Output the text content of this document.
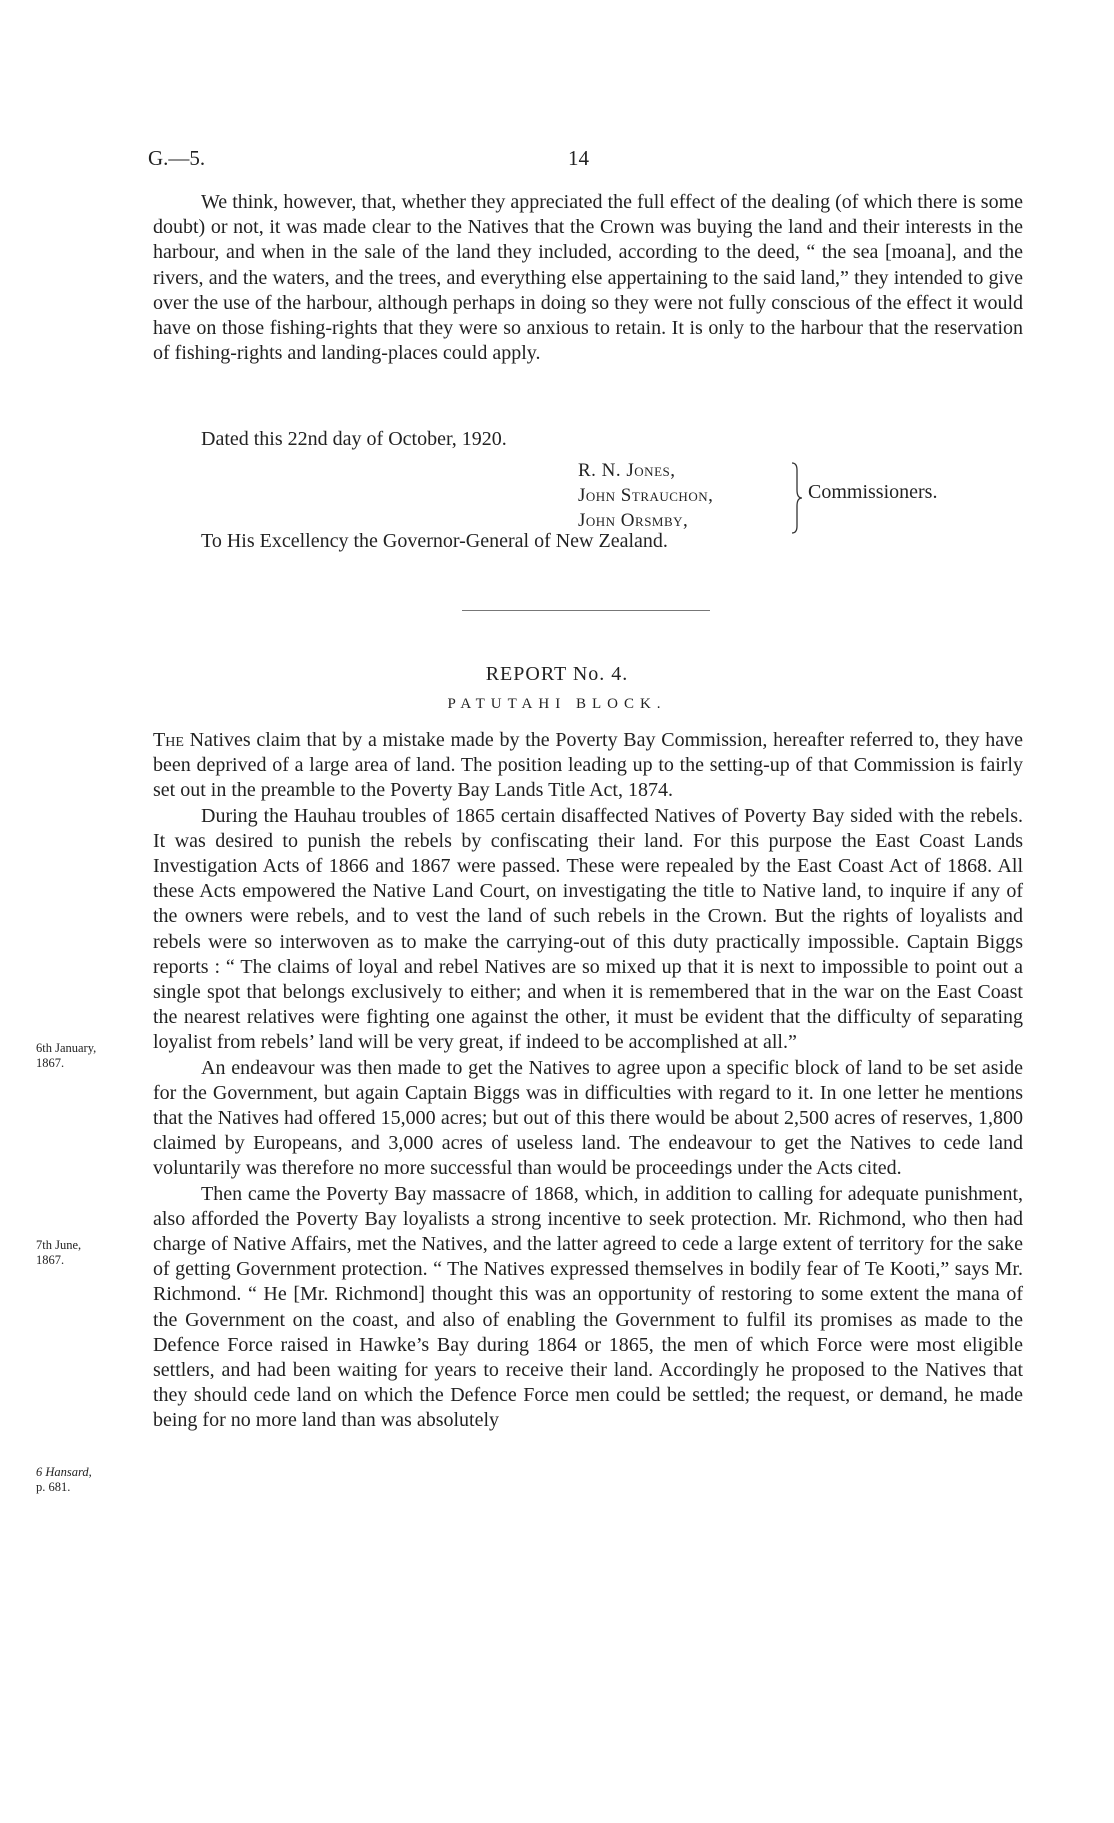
G.—5.	14

We think, however, that, whether they appreciated the full effect of the dealing (of which there is some doubt) or not, it was made clear to the Natives that the Crown was buying the land and their interests in the harbour, and when in the sale of the land they included, according to the deed, “ the sea [moana], and the rivers, and the waters, and the trees, and everything else appertaining to the said land,” they intended to give over the use of the harbour, although perhaps in doing so they were not fully conscious of the effect it would have on those fishing-rights that they were so anxious to retain. It is only to the harbour that the reservation of fishing-rights and landing-places could apply.

Dated this 22nd day of October, 1920.
R. N. Jones,
John Strauchon,
John Orsmby,
Commissioners.
To His Excellency the Governor-General of New Zealand.
REPORT No. 4.
PATUTAHI BLOCK.

The Natives claim that by a mistake made by the Poverty Bay Commission, hereafter referred to, they have been deprived of a large area of land. The position leading up to the setting-up of that Commission is fairly set out in the preamble to the Poverty Bay Lands Title Act, 1874.

During the Hauhau troubles of 1865 certain disaffected Natives of Poverty Bay sided with the rebels. It was desired to punish the rebels by confiscating their land. For this purpose the East Coast Lands Investigation Acts of 1866 and 1867 were passed. These were repealed by the East Coast Act of 1868. All these Acts empowered the Native Land Court, on investigating the title to Native land, to inquire if any of the owners were rebels, and to vest the land of such rebels in the Crown. But the rights of loyalists and rebels were so interwoven as to make the carrying-out of this duty practically impossible. Captain Biggs reports : “ The claims of loyal and rebel Natives are so mixed up that it is next to impossible to point out a single spot that belongs exclusively to either; and when it is remembered that in the war on the East Coast the nearest relatives were fighting one against the other, it must be evident that the difficulty of separating loyalist from rebels’ land will be very great, if indeed to be accomplished at all.”

An endeavour was then made to get the Natives to agree upon a specific block of land to be set aside for the Government, but again Captain Biggs was in difficulties with regard to it. In one letter he mentions that the Natives had offered 15,000 acres; but out of this there would be about 2,500 acres of reserves, 1,800 claimed by Europeans, and 3,000 acres of useless land. The endeavour to get the Natives to cede land voluntarily was therefore no more successful than would be proceedings under the Acts cited.

Then came the Poverty Bay massacre of 1868, which, in addition to calling for adequate punishment, also afforded the Poverty Bay loyalists a strong incentive to seek protection. Mr. Richmond, who then had charge of Native Affairs, met the Natives, and the latter agreed to cede a large extent of territory for the sake of getting Government protection. “ The Natives expressed themselves in bodily fear of Te Kooti,” says Mr. Richmond. “ He [Mr. Richmond] thought this was an opportunity of restoring to some extent the mana of the Government on the coast, and also of enabling the Government to fulfil its promises as made to the Defence Force raised in Hawke’s Bay during 1864 or 1865, the men of which Force were most eligible settlers, and had been waiting for years to receive their land. Accordingly he proposed to the Natives that they should cede land on which the Defence Force men could be settled; the request, or demand, he made being for no more land than was absolutely

6th January,
1867.
7th June,
1867.
6 Hansard,
p. 681.
